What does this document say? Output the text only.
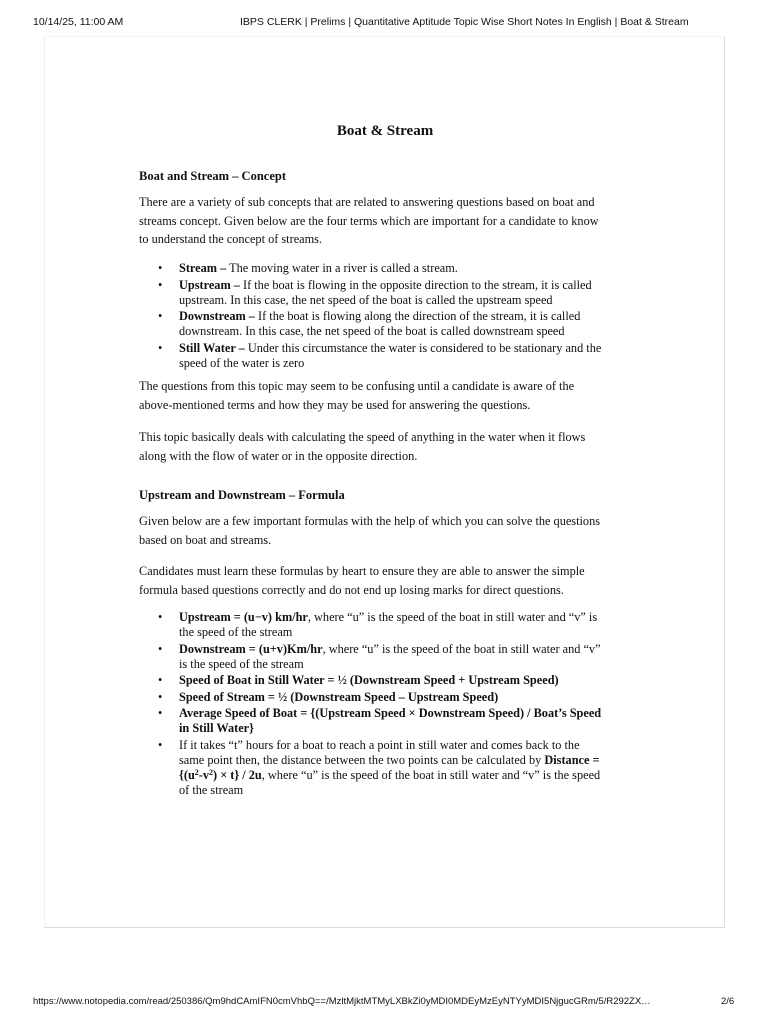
10/14/25, 11:00 AM	IBPS CLERK | Prelims | Quantitative Aptitude Topic Wise Short Notes In English | Boat & Stream
Boat & Stream
Boat and Stream – Concept

There are a variety of sub concepts that are related to answering questions based on boat and
streams concept. Given below are the four terms which are important for a candidate to know
to understand the concept of streams.

• Stream – The moving water in a river is called a stream.
• Upstream – If the boat is flowing in the opposite direction to the stream, it is called
upstream. In this case, the net speed of the boat is called the upstream speed
• Downstream – If the boat is flowing along the direction of the stream, it is called
downstream. In this case, the net speed of the boat is called downstream speed
• Still Water – Under this circumstance the water is considered to be stationary and the
speed of the water is zero

The questions from this topic may seem to be confusing until a candidate is aware of the
above-mentioned terms and how they may be used for answering the questions.

This topic basically deals with calculating the speed of anything in the water when it flows
along with the flow of water or in the opposite direction.

Upstream and Downstream – Formula

Given below are a few important formulas with the help of which you can solve the questions
based on boat and streams.

Candidates must learn these formulas by heart to ensure they are able to answer the simple
formula based questions correctly and do not end up losing marks for direct questions.

• Upstream = (u−v) km/hr, where “u” is the speed of the boat in still water and “v” is
the speed of the stream
• Downstream = (u+v)Km/hr, where “u” is the speed of the boat in still water and “v”
is the speed of the stream
• Speed of Boat in Still Water = ½ (Downstream Speed + Upstream Speed)
• Speed of Stream = ½ (Downstream Speed – Upstream Speed)
• Average Speed of Boat = {(Upstream Speed × Downstream Speed) / Boat’s Speed
in Still Water}
• If it takes “t” hours for a boat to reach a point in still water and comes back to the
same point then, the distance between the two points can be calculated by Distance =
$\{(u^2-v^2) \times t\} / 2u$, where “u” is the speed of the boat in still water and “v” is the speed
of the stream
https://www.notopedia.com/read/250386/Qm9hdCAmIFN0cmVhbQ==/MzltMjktMTMyLXBkZi0yMDI0MDEyMzEyNTYyMDI5NjgucGRm/5/R292ZX…	2/6
